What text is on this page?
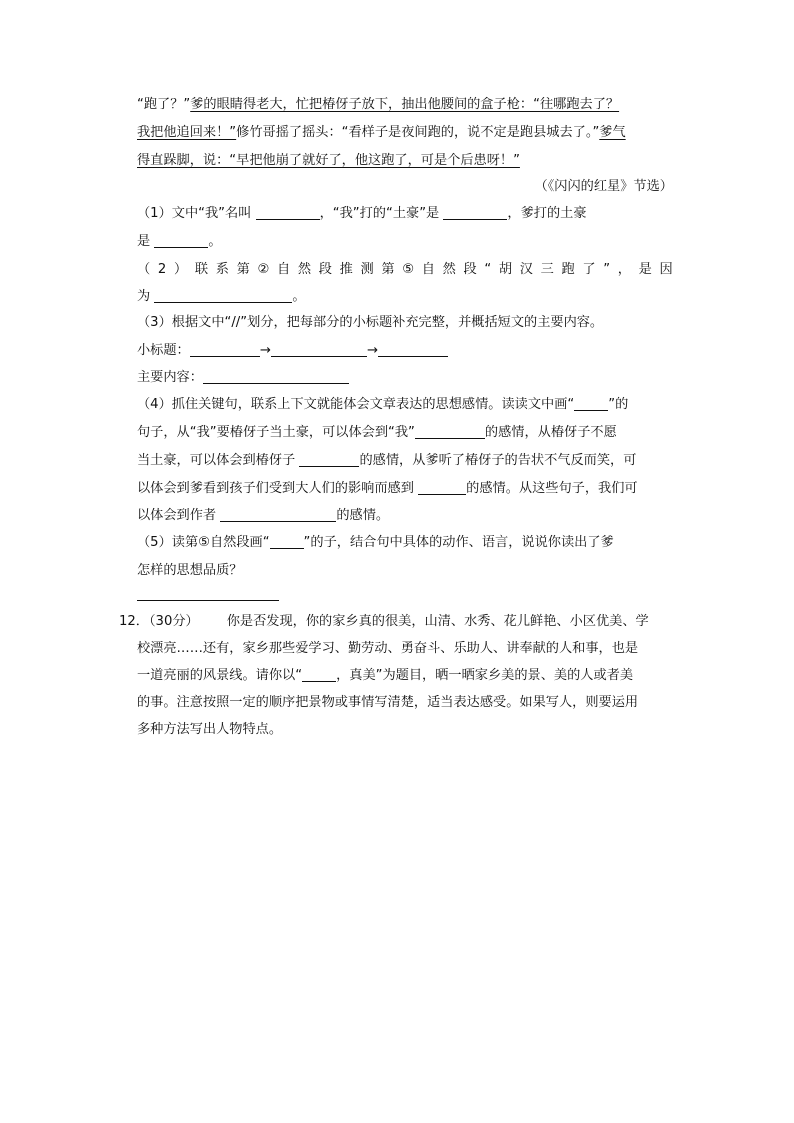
“跑了？”爹的眼睛得老大，忙把椿伢子放下，抽出他腰间的盒子枪：“往哪跑去了？
我把他追回来！”修竹哥摇了摇头：“看样子是夜间跑的，说不定是跑县城去了。”爹气
得直跺脚，说：“早把他崩了就好了，他这跑了，可是个后患呀！”
（《闪闪的红星》节选）
（1）文中“我”名叫	，“我”打的“土豪”是	，爹打的土豪
是	。
（ 2 ） 联 系 第 ② 自 然 段 推 测 第 ⑤ 自 然 段 “ 胡 汉 三 跑 了 ” ， 是 因
为	。
（3）根据文中“//”划分，把每部分的小标题补充完整，并概括短文的主要内容。
小标题：	→	→
主要内容：
（4）抓住关键句，联系上下文就能体会文章表达的思想感情。读读文中画“	”的
句子，从“我”要椿伢子当土豪，可以体会到“我”	的感情，从椿伢子不愿
当土豪，可以体会到椿伢子	的感情，从爹听了椿伢子的告状不气反而笑，可
以体会到爹看到孩子们受到大人们的影响而感到	的感情。从这些句子，我们可
以体会到作者	的感情。
（5）读第⑤自然段画“	”的子，结合句中具体的动作、语言，说说你读出了爹
怎样的思想品质？
12．（30分） 你是否发现，你的家乡真的很美，山清、水秀、花儿鲜艳、小区优美、学
校漂亮……还有，家乡那些爱学习、勤劳动、勇奋斗、乐助人、讲奉献的人和事，也是
一道亮丽的风景线。请你以“	，真美”为题目，晒一晒家乡美的景、美的人或者美
的事。注意按照一定的顺序把景物或事情写清楚，适当表达感受。如果写人，则要运用
多种方法写出人物特点。
